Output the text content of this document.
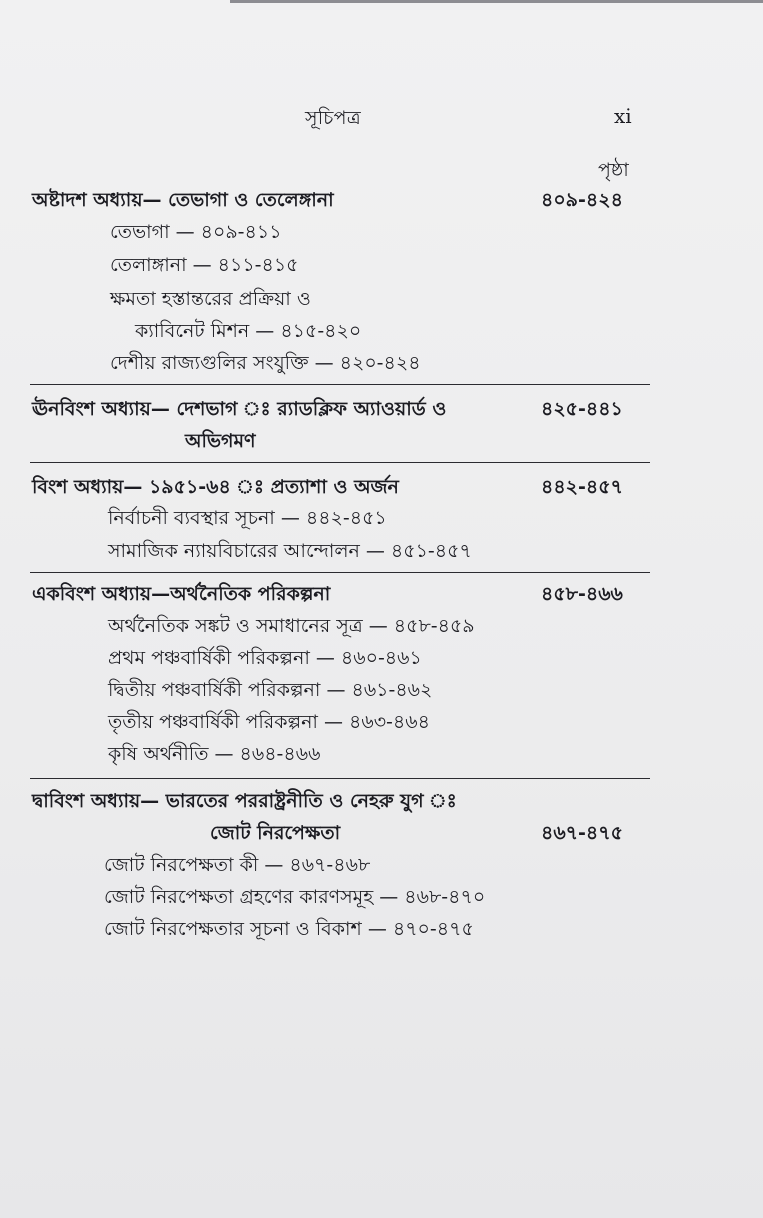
সূচিপত্র	xi
পৃষ্ঠা
অষ্টাদশ অধ্যায়— তেভাগা ও তেলেঙ্গানা	৪০৯-৪২৪
তেভাগা — ৪০৯-৪১১
তেলাঙ্গানা — ৪১১-৪১৫
ক্ষমতা হস্তান্তরের প্রক্রিয়া ও
ক্যাবিনেট মিশন — ৪১৫-৪২০
দেশীয় রাজ্যগুলির সংযুক্তি — ৪২০-৪২৪
ঊনবিংশ অধ্যায়— দেশভাগ ঃ র‍্যাডক্লিফ অ্যাওয়ার্ড ও	৪২৫-৪৪১
অভিগমণ
বিংশ অধ্যায়— ১৯৫১-৬৪ ঃ প্রত্যাশা ও অর্জন	৪৪২-৪৫৭
নির্বাচনী ব্যবস্থার সূচনা — ৪৪২-৪৫১
সামাজিক ন্যায়বিচারের আন্দোলন — ৪৫১-৪৫৭
একবিংশ অধ্যায়—অর্থনৈতিক পরিকল্পনা	৪৫৮-৪৬৬
অর্থনৈতিক সঙ্কট ও সমাধানের সূত্র — ৪৫৮-৪৫৯
প্রথম পঞ্চবার্ষিকী পরিকল্পনা — ৪৬০-৪৬১
দ্বিতীয় পঞ্চবার্ষিকী পরিকল্পনা — ৪৬১-৪৬২
তৃতীয় পঞ্চবার্ষিকী পরিকল্পনা — ৪৬৩-৪৬৪
কৃষি অর্থনীতি — ৪৬৪-৪৬৬
দ্বাবিংশ অধ্যায়— ভারতের পররাষ্ট্রনীতি ও নেহরু যুগ ঃ
জোট নিরপেক্ষতা	৪৬৭-৪৭৫
জোট নিরপেক্ষতা কী — ৪৬৭-৪৬৮
জোট নিরপেক্ষতা গ্রহণের কারণসমূহ — ৪৬৮-৪৭০
জোট নিরপেক্ষতার সূচনা ও বিকাশ — ৪৭০-৪৭৫
